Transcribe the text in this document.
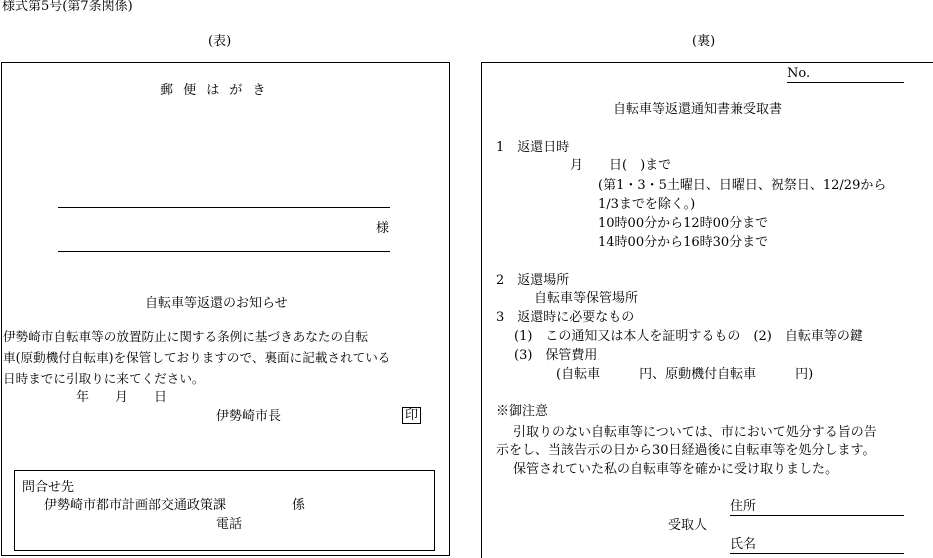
様式第5号(第7条関係)
(表)	(裏)
郵 便 は が き
様
自転車等返還のお知らせ
伊勢崎市自転車等の放置防止に関する条例に基づきあなたの自転
車(原動機付自転車)を保管しておりますので、裏面に記載されている
日時までに引取りに来てください。
年　　月　　日
伊勢崎市長	印
問合せ先
伊勢崎市都市計画部交通政策課	係
電話
No.
自転車等返還通知書兼受取書
1　返還日時
月　　日(　)まで
(第1・3・5土曜日、日曜日、祝祭日、12/29から
1/3までを除く。)
10時00分から12時00分まで
14時00分から16時30分まで
2　返還場所
自転車等保管場所
3　返還時に必要なもの
(1)　この通知又は本人を証明するもの　(2)　自転車等の鍵
(3)　保管費用
(自転車　　　円、原動機付自転車　　　円)
※御注意
引取りのない自転車等については、市において処分する旨の告
示をし、当該告示の日から30日経過後に自転車等を処分します。
保管されていた私の自転車等を確かに受け取りました。
住所
受取人
氏名
